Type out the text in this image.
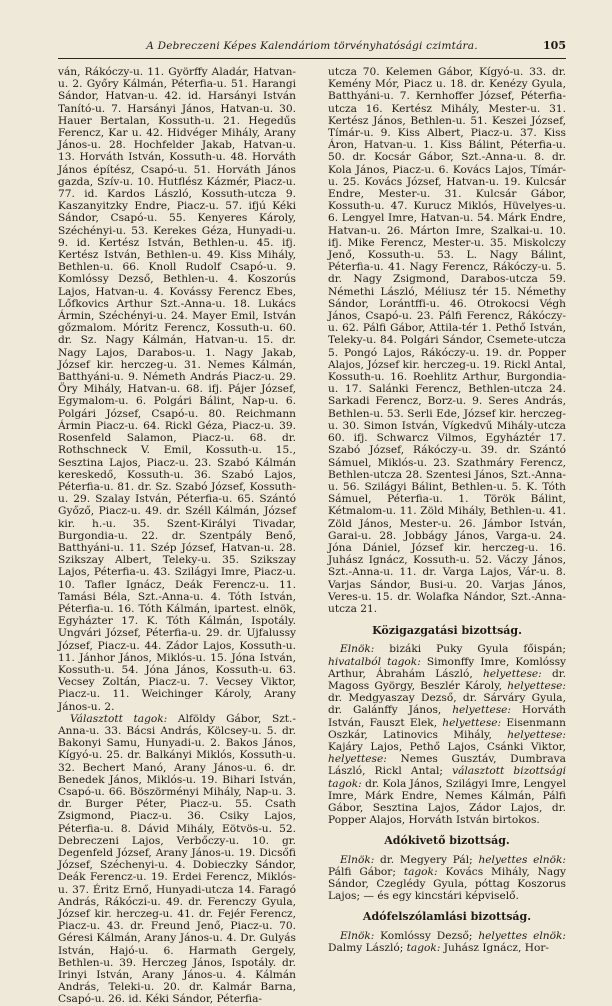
A Debreczeni Képes Kalendáriom törvényhatósági czimtára.	105

ván, Rákóczy-u. 11. Györffy Aladár, Hatvan-u. 2. Győry Kálmán, Péterfia-u. 51. Harangi Sándor, Hatvan-u. 42. id. Harsányi István Tanító-u. 7. Harsányi János, Hatvan-u. 30. Hauer Bertalan, Kossuth-u. 21. Hegedűs Ferencz, Kar u. 42. Hidvéger Mihály, Arany János-u. 28. Hochfelder Jakab, Hatvan-u. 13. Horváth István, Kossuth-u. 48. Horváth János építész, Csapó-u. 51. Horváth János gazda, Szív-u. 10. Hutflész Kázmér, Piacz-u. 77. id. Kardos László, Kossuth-utcza 9. Kaszanyitzky Endre, Piacz-u. 57. ifjú Kéki Sándor, Csapó-u. 55. Kenyeres Károly, Széchényi-u. 53. Kerekes Géza, Hunyadi-u. 9. id. Kertész István, Bethlen-u. 45. ifj. Kertész István, Bethlen-u. 49. Kiss Mihály, Bethlen-u. 66. Knoll Rudolf Csapó-u. 9. Komlóssy Dezső, Bethlen-u. 4. Koszorús Lajos, Hatvan-u. 4. Kovássy Ferencz Ebes, Lőfkovics Arthur Szt.-Anna-u. 18. Lukács Ármin, Széchényi-u. 24. Mayer Emil, István gőzmalom. Móritz Ferencz, Kossuth-u. 60. dr. Sz. Nagy Kálmán, Hatvan-u. 15. dr. Nagy Lajos, Darabos-u. 1. Nagy Jakab, József kir. herczeg-u. 31. Nemes Kálmán, Batthyáni-u. 9. Németh András Piacz-u. 29. Öry Mihály, Hatvan-u. 68. ifj. Pájer József, Egymalom-u. 6. Polgári Bálint, Nap-u. 6. Polgári József, Csapó-u. 80. Reichmann Ármin Piacz-u. 64. Rickl Géza, Piacz-u. 39. Rosenfeld Salamon, Piacz-u. 68. dr. Rothschneck V. Emil, Kossuth-u. 15., Sesztina Lajos, Piacz-u. 23. Szabó Kálmán kereskedő, Kossuth-u. 36. Szabó Lajos, Péterfia-u. 81. dr. Sz. Szabó József, Kossuth-u. 29. Szalay István, Péterfia-u. 65. Szántó Győző, Piacz-u. 49. dr. Széll Kálmán, József kir. h.-u. 35. Szent-Királyi Tivadar, Burgondia-u. 22. dr. Szentpály Benő, Batthyáni-u. 11. Szép József, Hatvan-u. 28. Szikszay Albert, Teleky-u. 35. Szikszay Lajos, Péterfia-u. 43. Szilágyi Imre, Piacz-u. 10. Tafler Ignácz, Deák Ferencz-u. 11. Tamási Béla, Szt.-Anna-u. 4. Tóth István, Péterfia-u. 16. Tóth Kálmán, ipartest. elnök, Egyházter 17. K. Tóth Kálmán, Ispotály. Ungvári József, Péterfia-u. 29. dr. Ujfalussy József, Piacz-u. 44. Zádor Lajos, Kossuth-u. 11. Jánhor János, Miklós-u. 15. Jóna István, Kossuth-u. 54. Jóna János, Kossuth-u. 63. Vecsey Zoltán, Piacz-u. 7. Vecsey Viktor, Piacz-u. 11. Weichinger Károly, Arany János-u. 2.

Választott tagok: Alföldy Gábor, Szt.-Anna-u. 33. Bácsi András, Kölcsey-u. 5. dr. Bakonyi Samu, Hunyadi-u. 2. Bakos János, Kígyó-u. 25. dr. Balkányi Miklós, Kossuth-u. 32. Bechert Manó, Arany János-u. 6. dr. Benedek János, Miklós-u. 19. Bihari István, Csapó-u. 66. Böszörményi Mihály, Nap-u. 3. dr. Burger Péter, Piacz-u. 55. Csath Zsigmond, Piacz-u. 36. Csiky Lajos, Péterfia-u. 8. Dávid Mihály, Eötvös-u. 52. Debreczeni Lajos, Verbőczy-u. 10. gr. Degenfeld József, Arany János-u. 19. Dicsőfi József, Széchenyi-u. 4. Dobieczky Sándor, Deák Ferencz-u. 19. Erdei Ferencz, Miklós-u. 37. Éritz Ernő, Hunyadi-utcza 14. Faragó András, Rákóczi-u. 49. dr. Ferenczy Gyula, József kir. herczeg-u. 41. dr. Fejér Ferencz, Piacz-u. 43. dr. Freund Jenő, Piacz-u. 70. Géresi Kálmán, Arany János-u. 4. Dr. Gulyás István, Hajó-u. 6. Harmath Gergely, Bethlen-u. 39. Herczeg János, Ispotály. dr. Irinyi István, Arany János-u. 4. Kálmán András, Teleki-u. 20. dr. Kalmár Barna, Csapó-u. 26. id. Kéki Sándor, Péterfia-

utcza 70. Kelemen Gábor, Kígyó-u. 33. dr. Kemény Mór, Piacz u. 18. dr. Kenézy Gyula, Batthyáni-u. 7. Kernhoffer József, Péterfia-utcza 16. Kertész Mihály, Mester-u. 31. Kertész János, Bethlen-u. 51. Keszei József, Tímár-u. 9. Kiss Albert, Piacz-u. 37. Kiss Áron, Hatvan-u. 1. Kiss Bálint, Péterfia-u. 50. dr. Kocsár Gábor, Szt.-Anna-u. 8. dr. Kola János, Piacz-u. 6. Kovács Lajos, Tímár-u. 25. Kovács József, Hatvan-u. 19. Kulcsár Endre, Mester-u. 31. Kulcsár Gábor, Kossuth-u. 47. Kurucz Miklós, Hüvelyes-u. 6. Lengyel Imre, Hatvan-u. 54. Márk Endre, Hatvan-u. 26. Márton Imre, Szalkai-u. 10. ifj. Mike Ferencz, Mester-u. 35. Miskolczy Jenő, Kossuth-u. 53. L. Nagy Bálint, Péterfia-u. 41. Nagy Ferencz, Rákóczy-u. 5. dr. Nagy Zsigmond, Darabos-utcza 59. Némethi László, Méliusz tér 15. Némethy Sándor, Lorántffi-u. 46. Otrokocsi Végh János, Csapó-u. 23. Pálfi Ferencz, Rákóczy-u. 62. Pálfi Gábor, Attila-tér 1. Pethő István, Teleky-u. 84. Polgári Sándor, Csemete-utcza 5. Pongó Lajos, Rákóczy-u. 19. dr. Popper Alajos, József kir. herczeg-u. 19. Rickl Antal, Kossuth-u. 16. Roehlitz Arthur, Burgondia-u. 17. Salánki Ferencz, Bethlen-utcza 24. Sarkadi Ferencz, Borz-u. 9. Seres András, Bethlen-u. 53. Serli Ede, József kir. herczeg-u. 30. Simon István, Vígkedvű Mihály-utcza 60. ifj. Schwarcz Vilmos, Egyháztér 17. Szabó József, Rákóczy-u. 39. dr. Szántó Sámuel, Miklós-u. 23. Szathmáry Ferencz, Bethlen-utcza 28. Szentesi János, Szt.-Anna-u. 56. Szilágyi Bálint, Bethlen-u. 5. K. Tóth Sámuel, Péterfia-u. 1. Török Bálint, Kétmalom-u. 11. Zöld Mihály, Bethlen-u. 41. Zöld János, Mester-u. 26. Jámbor István, Garai-u. 28. Jobbágy János, Varga-u. 24. Jóna Dániel, József kir. herczeg-u. 16. Juhász Ignácz, Kossuth-u. 52. Váczy János, Szt.-Anna-u. 11. dr. Varga Lajos, Vár-u. 8. Varjas Sándor, Busi-u. 20. Varjas János, Veres-u. 15. dr. Wolafka Nándor, Szt.-Anna-utcza 21.

Közigazgatási bizottság.

Elnök: bizáki Puky Gyula főispán; hivatalból tagok: Simonffy Imre, Komlóssy Arthur, Ábrahám László, helyettese: dr. Magoss György, Beszlér Károly, helyettese: dr. Medgyaszay Dezső, dr. Sárváry Gyula, dr. Galánffy János, helyettese: Horváth István, Fauszt Elek, helyettese: Eisenmann Oszkár, Latinovics Mihály, helyettese: Kajáry Lajos, Pethő Lajos, Csánki Viktor, helyettese: Nemes Gusztáv, Dumbrava László, Rickl Antal; választott bizottsági tagok: dr. Kola János, Szilágyi Imre, Lengyel Imre, Márk Endre, Nemes Kálmán, Pálfi Gábor, Sesztina Lajos, Zádor Lajos, dr. Popper Alajos, Horváth István birtokos.

Adókivető bizottság.

Elnök: dr. Megyery Pál; helyettes elnök: Pálfi Gábor; tagok: Kovács Mihály, Nagy Sándor, Czeglédy Gyula, póttag Koszorus Lajos; — és egy kincstári képviselő.

Adófelszólamlási bizottság.

Elnök: Komlóssy Dezső; helyettes elnök: Dalmy László; tagok: Juhász Ignácz, Hor-
